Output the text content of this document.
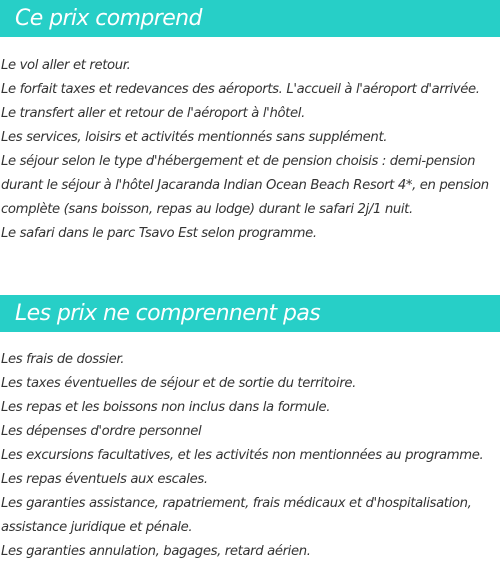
Ce prix comprend
Le vol aller et retour.
Le forfait taxes et redevances des aéroports. L'accueil à l'aéroport d'arrivée.
Le transfert aller et retour de l'aéroport à l'hôtel.
Les services, loisirs et activités mentionnés sans supplément.
Le séjour selon le type d'hébergement et de pension choisis : demi-pension
durant le séjour à l'hôtel Jacaranda Indian Ocean Beach Resort 4*, en pension
complète (sans boisson, repas au lodge) durant le safari 2j/1 nuit.
Le safari dans le parc Tsavo Est selon programme.
Les prix ne comprennent pas
Les frais de dossier.
Les taxes éventuelles de séjour et de sortie du territoire.
Les repas et les boissons non inclus dans la formule.
Les dépenses d'ordre personnel
Les excursions facultatives, et les activités non mentionnées au programme.
Les repas éventuels aux escales.
Les garanties assistance, rapatriement, frais médicaux et d'hospitalisation,
assistance juridique et pénale.
Les garanties annulation, bagages, retard aérien.
